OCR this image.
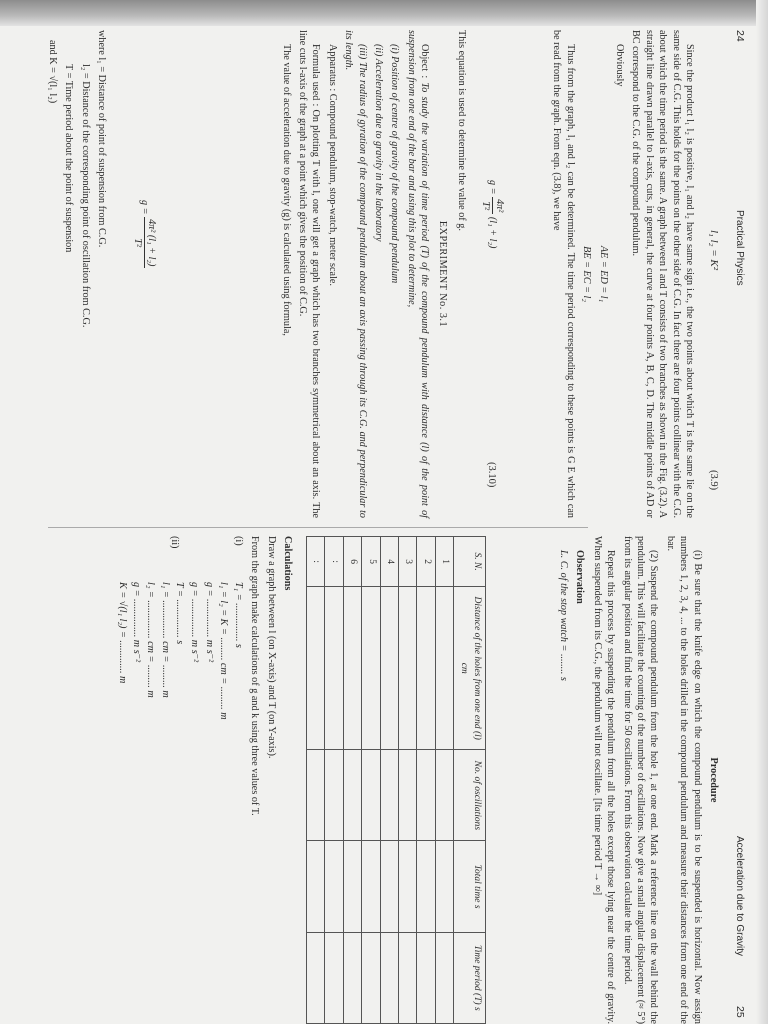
24
Practical Physics
l₁ l₂ = K²
(3.9)

Since the product l₁ l₂ is positive, l₁ and l₂ have same sign i.e., the two points about which T is the same lie on the same side of C.G. This holds for the points on the other side of C.G. In fact there are four points collinear with the C.G. about which the time period is the same. A graph between l and T consists of two branches as shown in the Fig. (3.2). A straight line drawn parallel to l-axis, cuts, in general, the curve at four points A, B, C, D. The middle points of AD or BC correspond to the C.G. of the compound pendulum.

Obviously

AE = ED = l₁

BE = EC = l₂

Thus from the graph, l₁ and l₂ can be determined. The time period corresponding to these points is G E which can be read from the graph. From eqn. (3.8), we have

g =
4π²
T²
(l₁ + l₂)
(3.10)

This equation is used to determine the value of g.

EXPERIMENT No. 3.1

Object : To study the variation of time period (T) of the compound pendulum with distance (l) of the point of suspension from one end of the bar and using this plot to determine,

(i) Position of centre of gravity of the compound pendulum

(ii) Acceleration due to gravity in the laboratory

(iii) The radius of gyration of the compound pendulum about an axis passing through its C.G. and perpendicular to its length.

Apparatus : Compound pendulum, stop-watch, meter scale.

Formula used : On plotting T with l, one will get a graph which has two branches symmetrical about an axis. The line cuts l-axis of the graph at a point which gives the position of C.G.

The value of acceleration due to gravity (g) is calculated using formula,

g =
4π² (l₁ + l₂)
T²

where l₁ = Distance of point of suspension from C.G.

l₂ = Distance of the corresponding point of oscillation from C.G.

T = Time period about the point of suspension

and K = √(l₁ l₂)

Acceleration due to Gravity
25

Procedure

(i) Be sure that the knife edge on which the compound pendulum is to be suspended is horizontal. Now assign numbers 1, 2, 3, 4, ... to the holes drilled in the compound pendulum and measure their distances from one end of the bar.

(2) Suspend the compound pendulum from the hole 1, at one end. Mark a reference line on the wall behind the pendulum. This will facilitate the counting of the number of oscillations. Now give a small angular displacement (≈ 5°) from its angular position and find the time for 50 oscillations. From this observation calculate the time period.

Repeat this process by suspending the pendulum from all the holes except those lying near the centre of gravity. When suspended from its C.G., the pendulum will not oscillate. [Its time period T → ∞]

Observation

L. C. of the stop watch = ........ s

S. N.	Distance of the holes from one end (l) cm	No. of oscillations	Total time s	Time period (T) s
1				
2				
3				
4				
5				
6				
:				
:				

Calculations

Draw a graph between l (on X-axis) and T (on Y-axis).

From the graph make calculations of g and k using three values of T.

(i)

T₁ = ............... s

l₁ = l₂ = K = ......... cm = ......... m

g = ............... m s⁻²

(ii)

g = ............... m s⁻²

T = ............... s

l₁ = ............... cm = ......... m

l₂ = ............... cm = ......... m

g = ............... m s⁻²

K = √(l₁ l₂) = ............. m
